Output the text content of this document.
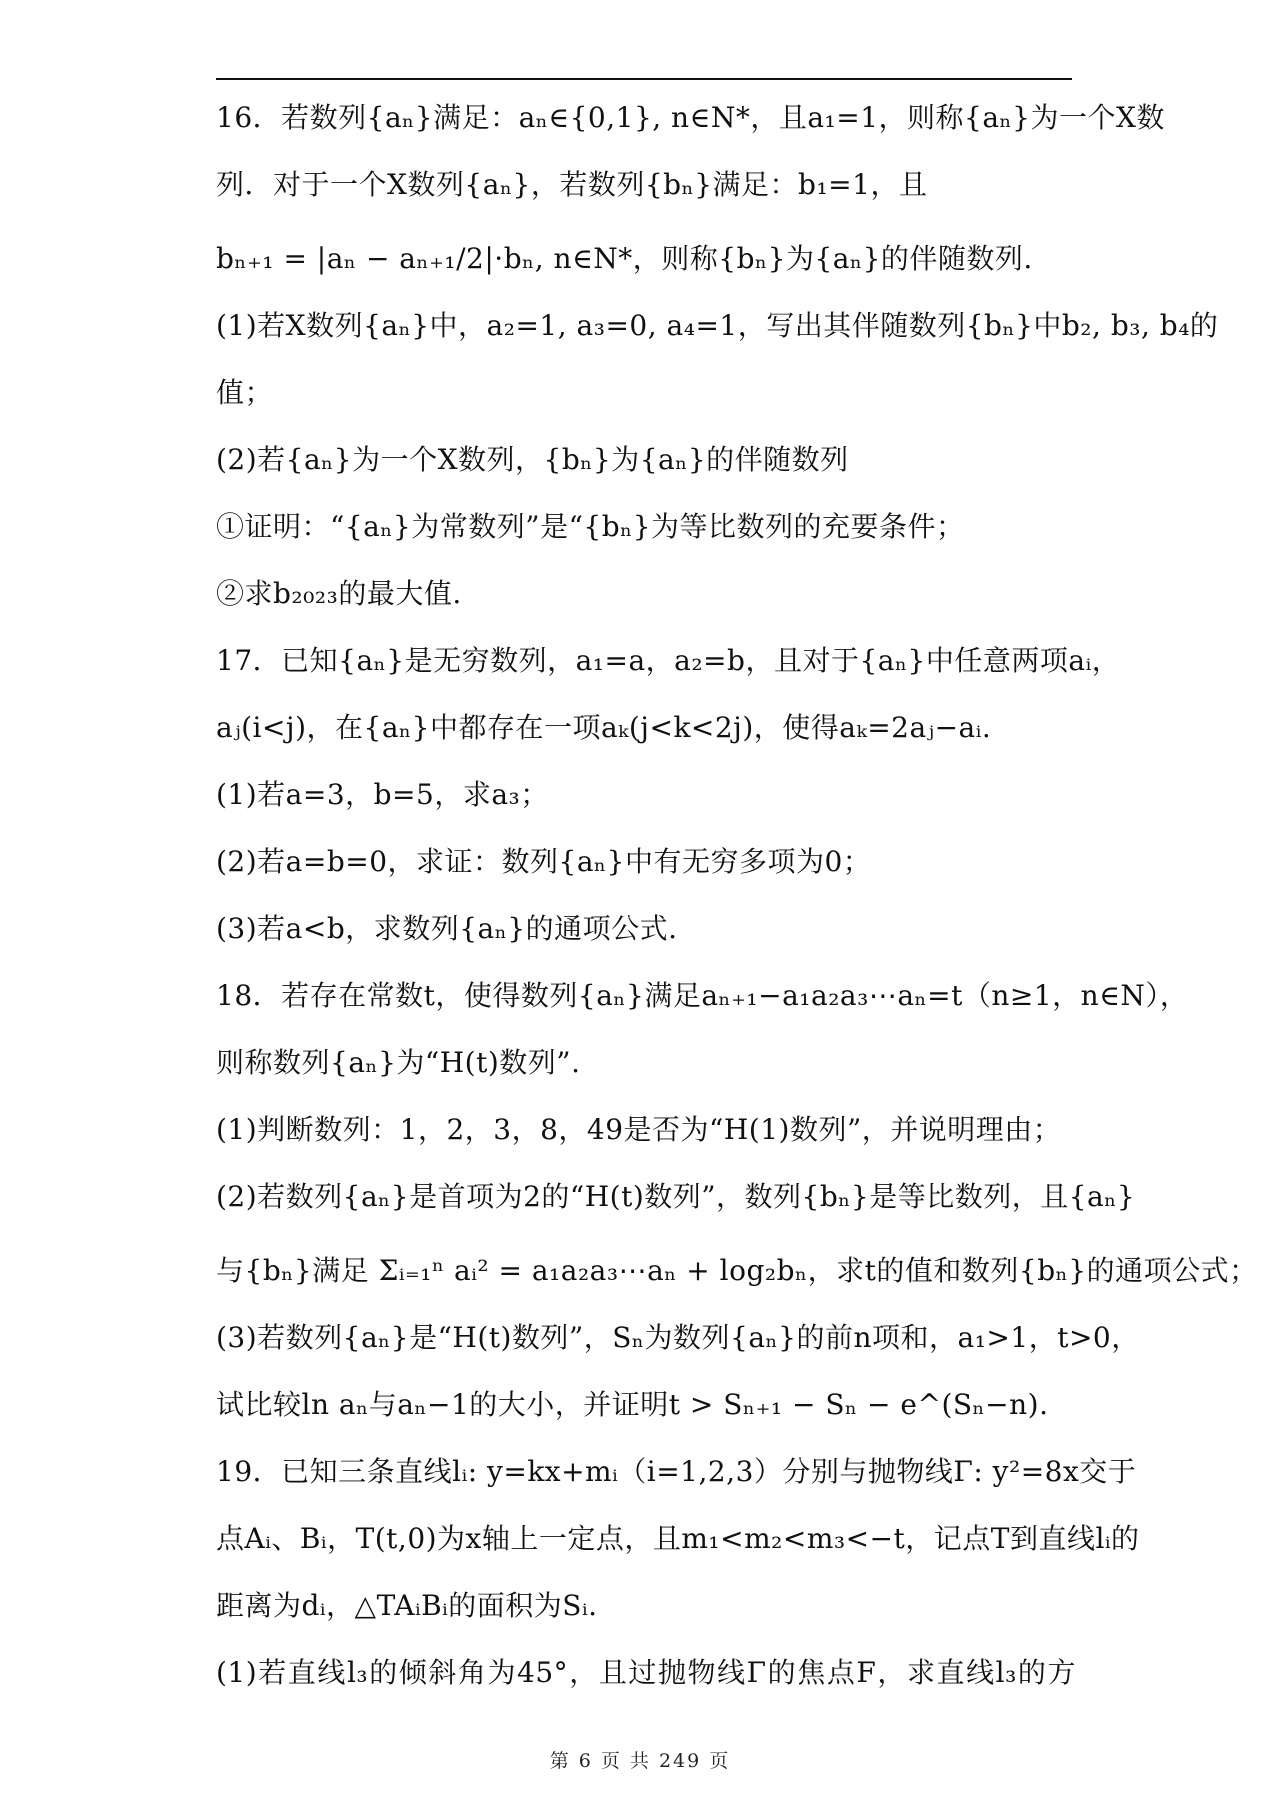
16．若数列{aₙ}满足：aₙ∈{0,1}, n∈N*，且a₁=1，则称{aₙ}为一个X数
列．对于一个X数列{aₙ}，若数列{bₙ}满足：b₁=1，且
bₙ₊₁ = |aₙ − aₙ₊₁/2|·bₙ, n∈N*，则称{bₙ}为{aₙ}的伴随数列.
(1)若X数列{aₙ}中，a₂=1, a₃=0, a₄=1，写出其伴随数列{bₙ}中b₂, b₃, b₄的
值；
(2)若{aₙ}为一个X数列，{bₙ}为{aₙ}的伴随数列
①证明：“{aₙ}为常数列”是“{bₙ}为等比数列的充要条件；
②求b₂₀₂₃的最大值.
17．已知{aₙ}是无穷数列，a₁=a，a₂=b，且对于{aₙ}中任意两项aᵢ，
aⱼ(i<j)，在{aₙ}中都存在一项aₖ(j<k<2j)，使得aₖ=2aⱼ−aᵢ.
(1)若a=3，b=5，求a₃；
(2)若a=b=0，求证：数列{aₙ}中有无穷多项为0；
(3)若a<b，求数列{aₙ}的通项公式.
18．若存在常数t，使得数列{aₙ}满足aₙ₊₁−a₁a₂a₃⋯aₙ=t（n≥1，n∈N），
则称数列{aₙ}为“H(t)数列”.
(1)判断数列：1，2，3，8，49是否为“H(1)数列”，并说明理由；
(2)若数列{aₙ}是首项为2的“H(t)数列”，数列{bₙ}是等比数列，且{aₙ}
与{bₙ}满足 Σᵢ₌₁ⁿ aᵢ² = a₁a₂a₃⋯aₙ + log₂bₙ，求t的值和数列{bₙ}的通项公式；
(3)若数列{aₙ}是“H(t)数列”，Sₙ为数列{aₙ}的前n项和，a₁>1，t>0，
试比较ln aₙ与aₙ−1的大小，并证明t > Sₙ₊₁ − Sₙ − e^(Sₙ−n).
19．已知三条直线lᵢ: y=kx+mᵢ（i=1,2,3）分别与抛物线Γ: y²=8x交于
点Aᵢ、Bᵢ，T(t,0)为x轴上一定点，且m₁<m₂<m₃<−t，记点T到直线lᵢ的
距离为dᵢ，△TAᵢBᵢ的面积为Sᵢ.
(1)若直线l₃的倾斜角为45°，且过抛物线Γ的焦点F，求直线l₃的方
第 6 页 共 249 页
